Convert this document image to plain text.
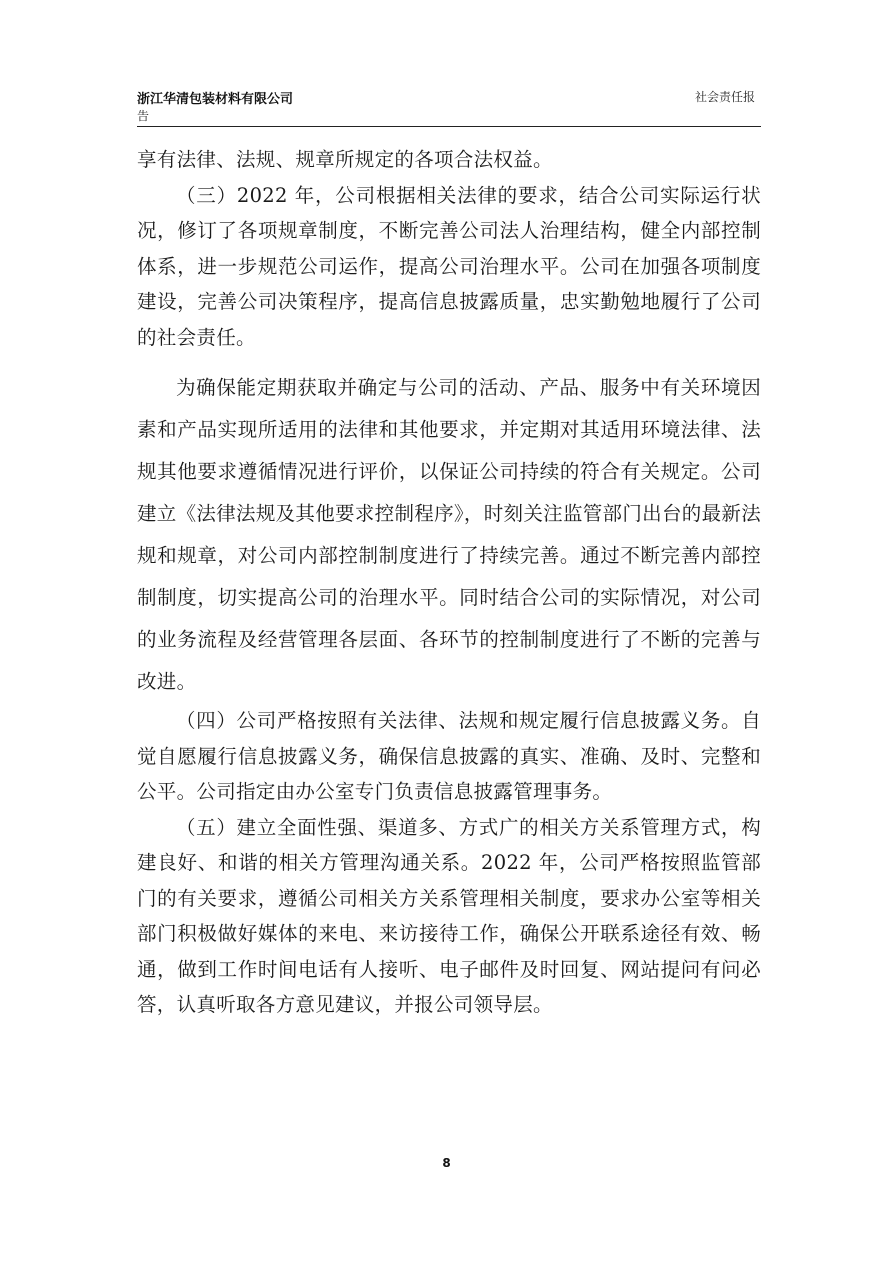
浙江华清包装材料有限公司	社会责任报
告

享有法律、法规、规章所规定的各项合法权益。

（三）2022 年，公司根据相关法律的要求，结合公司实际运行状况，修订了各项规章制度，不断完善公司法人治理结构，健全内部控制体系，进一步规范公司运作，提高公司治理水平。公司在加强各项制度建设，完善公司决策程序，提高信息披露质量，忠实勤勉地履行了公司的社会责任。

为确保能定期获取并确定与公司的活动、产品、服务中有关环境因素和产品实现所适用的法律和其他要求，并定期对其适用环境法律、法规其他要求遵循情况进行评价，以保证公司持续的符合有关规定。公司建立《法律法规及其他要求控制程序》，时刻关注监管部门出台的最新法规和规章，对公司内部控制制度进行了持续完善。通过不断完善内部控制制度，切实提高公司的治理水平。同时结合公司的实际情况，对公司的业务流程及经营管理各层面、各环节的控制制度进行了不断的完善与改进。

（四）公司严格按照有关法律、法规和规定履行信息披露义务。自觉自愿履行信息披露义务，确保信息披露的真实、准确、及时、完整和公平。公司指定由办公室专门负责信息披露管理事务。

（五）建立全面性强、渠道多、方式广的相关方关系管理方式，构建良好、和谐的相关方管理沟通关系。2022 年，公司严格按照监管部门的有关要求，遵循公司相关方关系管理相关制度，要求办公室等相关部门积极做好媒体的来电、来访接待工作，确保公开联系途径有效、畅通，做到工作时间电话有人接听、电子邮件及时回复、网站提问有问必答，认真听取各方意见建议，并报公司领导层。

8
